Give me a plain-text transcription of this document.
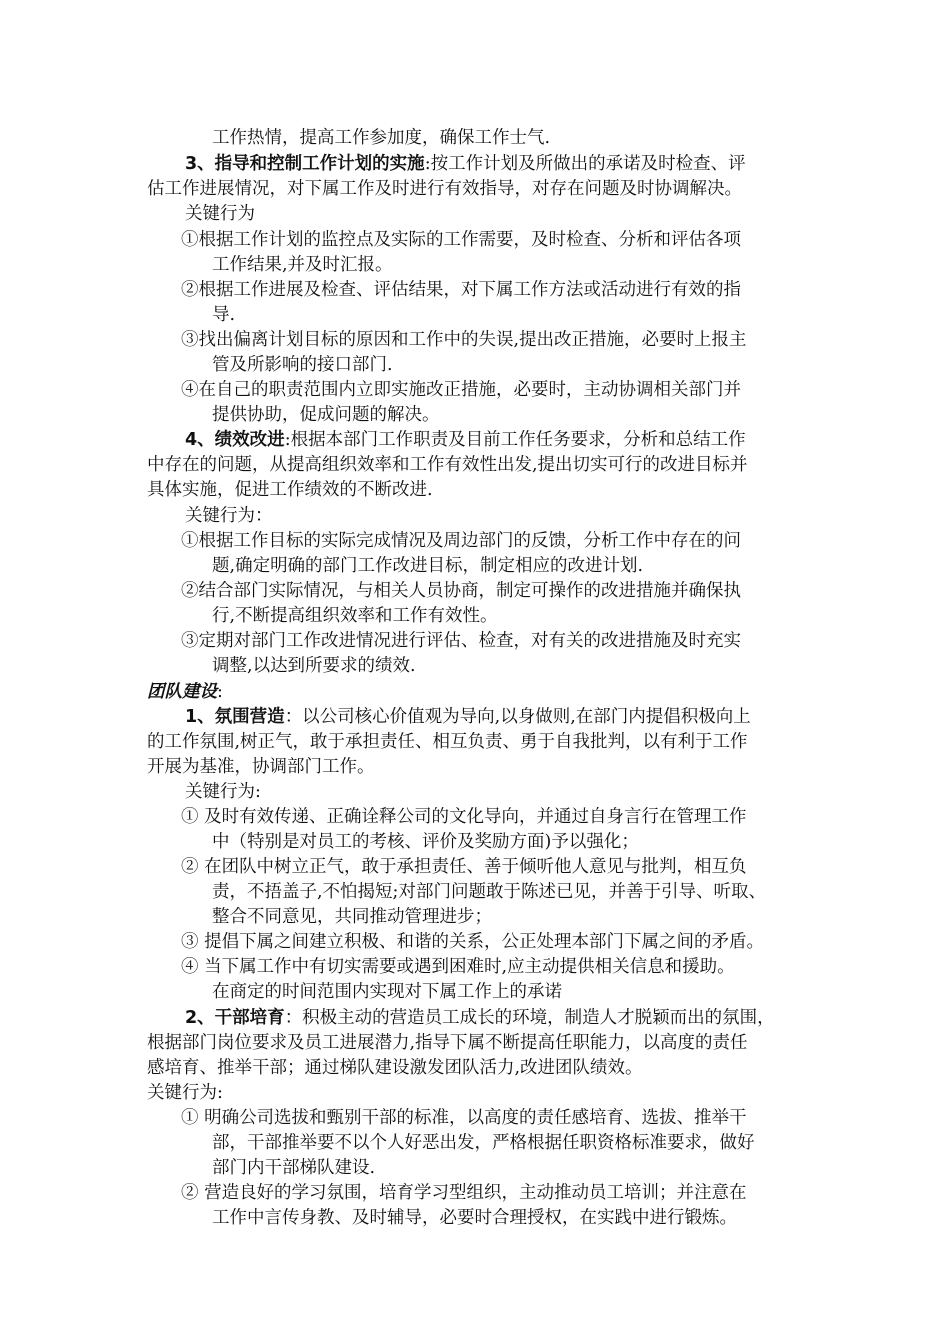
工作热情，提高工作参加度，确保工作士气.
3、指导和控制工作计划的实施:按工作计划及所做出的承诺及时检查、评
估工作进展情况，对下属工作及时进行有效指导，对存在问题及时协调解决。
关键行为
①根据工作计划的监控点及实际的工作需要，及时检查、分析和评估各项
工作结果,并及时汇报。
②根据工作进展及检查、评估结果，对下属工作方法或活动进行有效的指
导.
③找出偏离计划目标的原因和工作中的失误,提出改正措施，必要时上报主
管及所影响的接口部门.
④在自己的职责范围内立即实施改正措施，必要时，主动协调相关部门并
提供协助，促成问题的解决。
4、绩效改进:根据本部门工作职责及目前工作任务要求，分析和总结工作
中存在的问题，从提高组织效率和工作有效性出发,提出切实可行的改进目标并
具体实施，促进工作绩效的不断改进.
关键行为：
①根据工作目标的实际完成情况及周边部门的反馈，分析工作中存在的问
题,确定明确的部门工作改进目标，制定相应的改进计划.
②结合部门实际情况，与相关人员协商，制定可操作的改进措施并确保执
行,不断提高组织效率和工作有效性。
③定期对部门工作改进情况进行评估、检查，对有关的改进措施及时充实
调整,以达到所要求的绩效.
团队建设:
1、氛围营造：以公司核心价值观为导向,以身做则,在部门内提倡积极向上
的工作氛围,树正气，敢于承担责任、相互负责、勇于自我批判，以有利于工作
开展为基准，协调部门工作。
关键行为:
① 及时有效传递、正确诠释公司的文化导向，并通过自身言行在管理工作
中（特别是对员工的考核、评价及奖励方面)予以强化；
② 在团队中树立正气，敢于承担责任、善于倾听他人意见与批判，相互负
责，不捂盖子,不怕揭短;对部门问题敢于陈述已见，并善于引导、听取、
整合不同意见，共同推动管理进步；
③ 提倡下属之间建立积极、和谐的关系，公正处理本部门下属之间的矛盾。
④ 当下属工作中有切实需要或遇到困难时,应主动提供相关信息和援助。
在商定的时间范围内实现对下属工作上的承诺
2、干部培育：积极主动的营造员工成长的环境，制造人才脱颖而出的氛围，
根据部门岗位要求及员工进展潜力,指导下属不断提高任职能力，以高度的责任
感培育、推举干部；通过梯队建设激发团队活力,改进团队绩效。
关键行为:
① 明确公司选拔和甄别干部的标准，以高度的责任感培育、选拔、推举干
部，干部推举要不以个人好恶出发，严格根据任职资格标准要求，做好
部门内干部梯队建设.
② 营造良好的学习氛围，培育学习型组织，主动推动员工培训；并注意在
工作中言传身教、及时辅导，必要时合理授权，在实践中进行锻炼。
